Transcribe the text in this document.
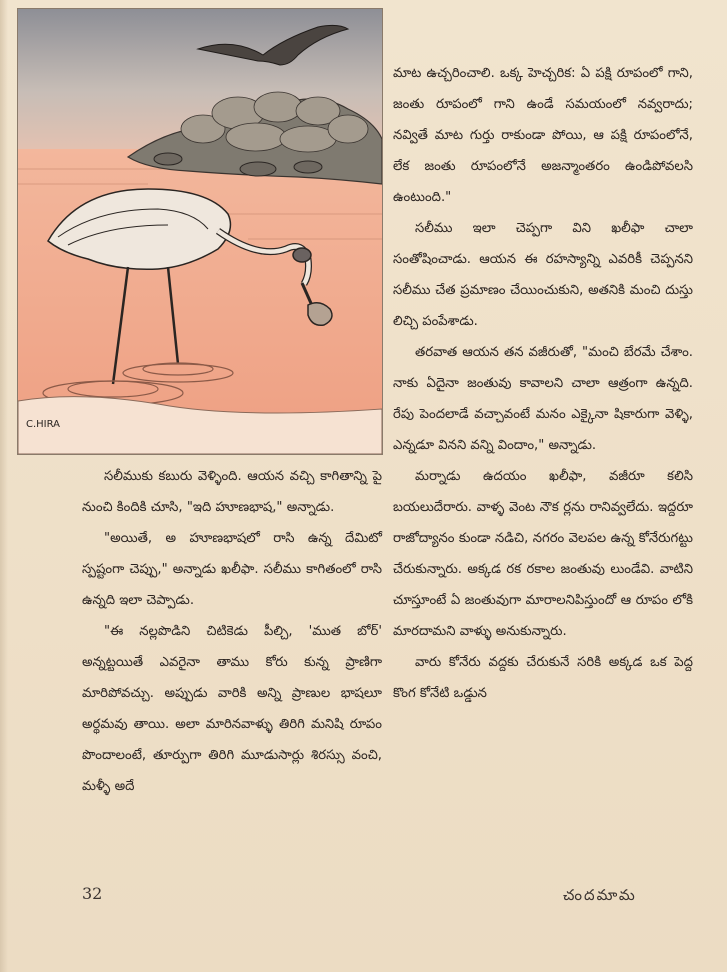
C.HIRA

సలీముకు కబురు వెళ్ళింది. ఆయన వచ్చి కాగితాన్ని పై నుంచి కిందికి చూసి, "ఇది హూణభాష," అన్నాడు.

"అయితే, అ హూణభాషలో రాసి ఉన్న దేమిటో స్పష్టంగా చెప్పు," అన్నాడు ఖలీఫా. సలీము కాగితంలో రాసి ఉన్నది ఇలా చెప్పాడు.

"ఈ నల్లపొడిని చిటికెడు పీల్చి, 'ముత బోర్' అన్నట్టయితే ఎవరైనా తాము కోరు కున్న ప్రాణిగా మారిపోవచ్చు. అప్పుడు వారికి అన్ని ప్రాణుల భాషలూ అర్థమవు తాయి. అలా మారినవాళ్ళు తిరిగి మనిషి రూపం పొందాలంటే, తూర్పుగా తిరిగి మూడుసార్లు శిరస్సు వంచి, మళ్ళీ అదే

మాట ఉచ్చరించాలి. ఒక్క హెచ్చరిక: ఏ పక్షి రూపంలో గాని, జంతు రూపంలో గాని ఉండే సమయంలో నవ్వరాదు; నవ్వితే మాట గుర్తు రాకుండా పోయి, ఆ పక్షి రూపంలోనే, లేక జంతు రూపంలోనే అజన్మాంతరం ఉండిపోవలసి ఉంటుంది."

సలీము ఇలా చెప్పగా విని ఖలీఫా చాలా సంతోషించాడు. ఆయన ఈ రహస్యాన్ని ఎవరికీ చెప్పనని సలీము చేత ప్రమాణం చేయించుకుని, అతనికి మంచి దుస్తు లిచ్చి పంపేశాడు.

తరవాత ఆయన తన వజీరుతో, "మంచి బేరమే చేశాం. నాకు ఏదైనా జంతువు కావాలని చాలా ఆత్రంగా ఉన్నది. రేపు పెందలాడే వచ్చావంటే మనం ఎక్కైనా షికారుగా వెళ్ళి, ఎన్నడూ వినని వన్ని విందాం," అన్నాడు.

మర్నాడు ఉదయం ఖలీఫా, వజీరూ కలిసి బయలుదేరారు. వాళ్ళ వెంట నౌక ర్లను రానివ్వలేదు. ఇద్దరూ రాజోద్యానం కుండా నడిచి, నగరం వెలపల ఉన్న కోనేరుగట్టు చేరుకున్నారు. అక్కడ రక రకాల జంతువు లుండేవి. వాటిని చూస్తూంటే ఏ జంతువుగా మారాలనిపిస్తుందో ఆ రూపం లోకి మారదామని వాళ్ళు అనుకున్నారు.

వారు కోనేరు వద్దకు చేరుకునే సరికి అక్కడ ఒక పెద్ద కొంగ కోనేటి ఒడ్డున

32	చందమామ
